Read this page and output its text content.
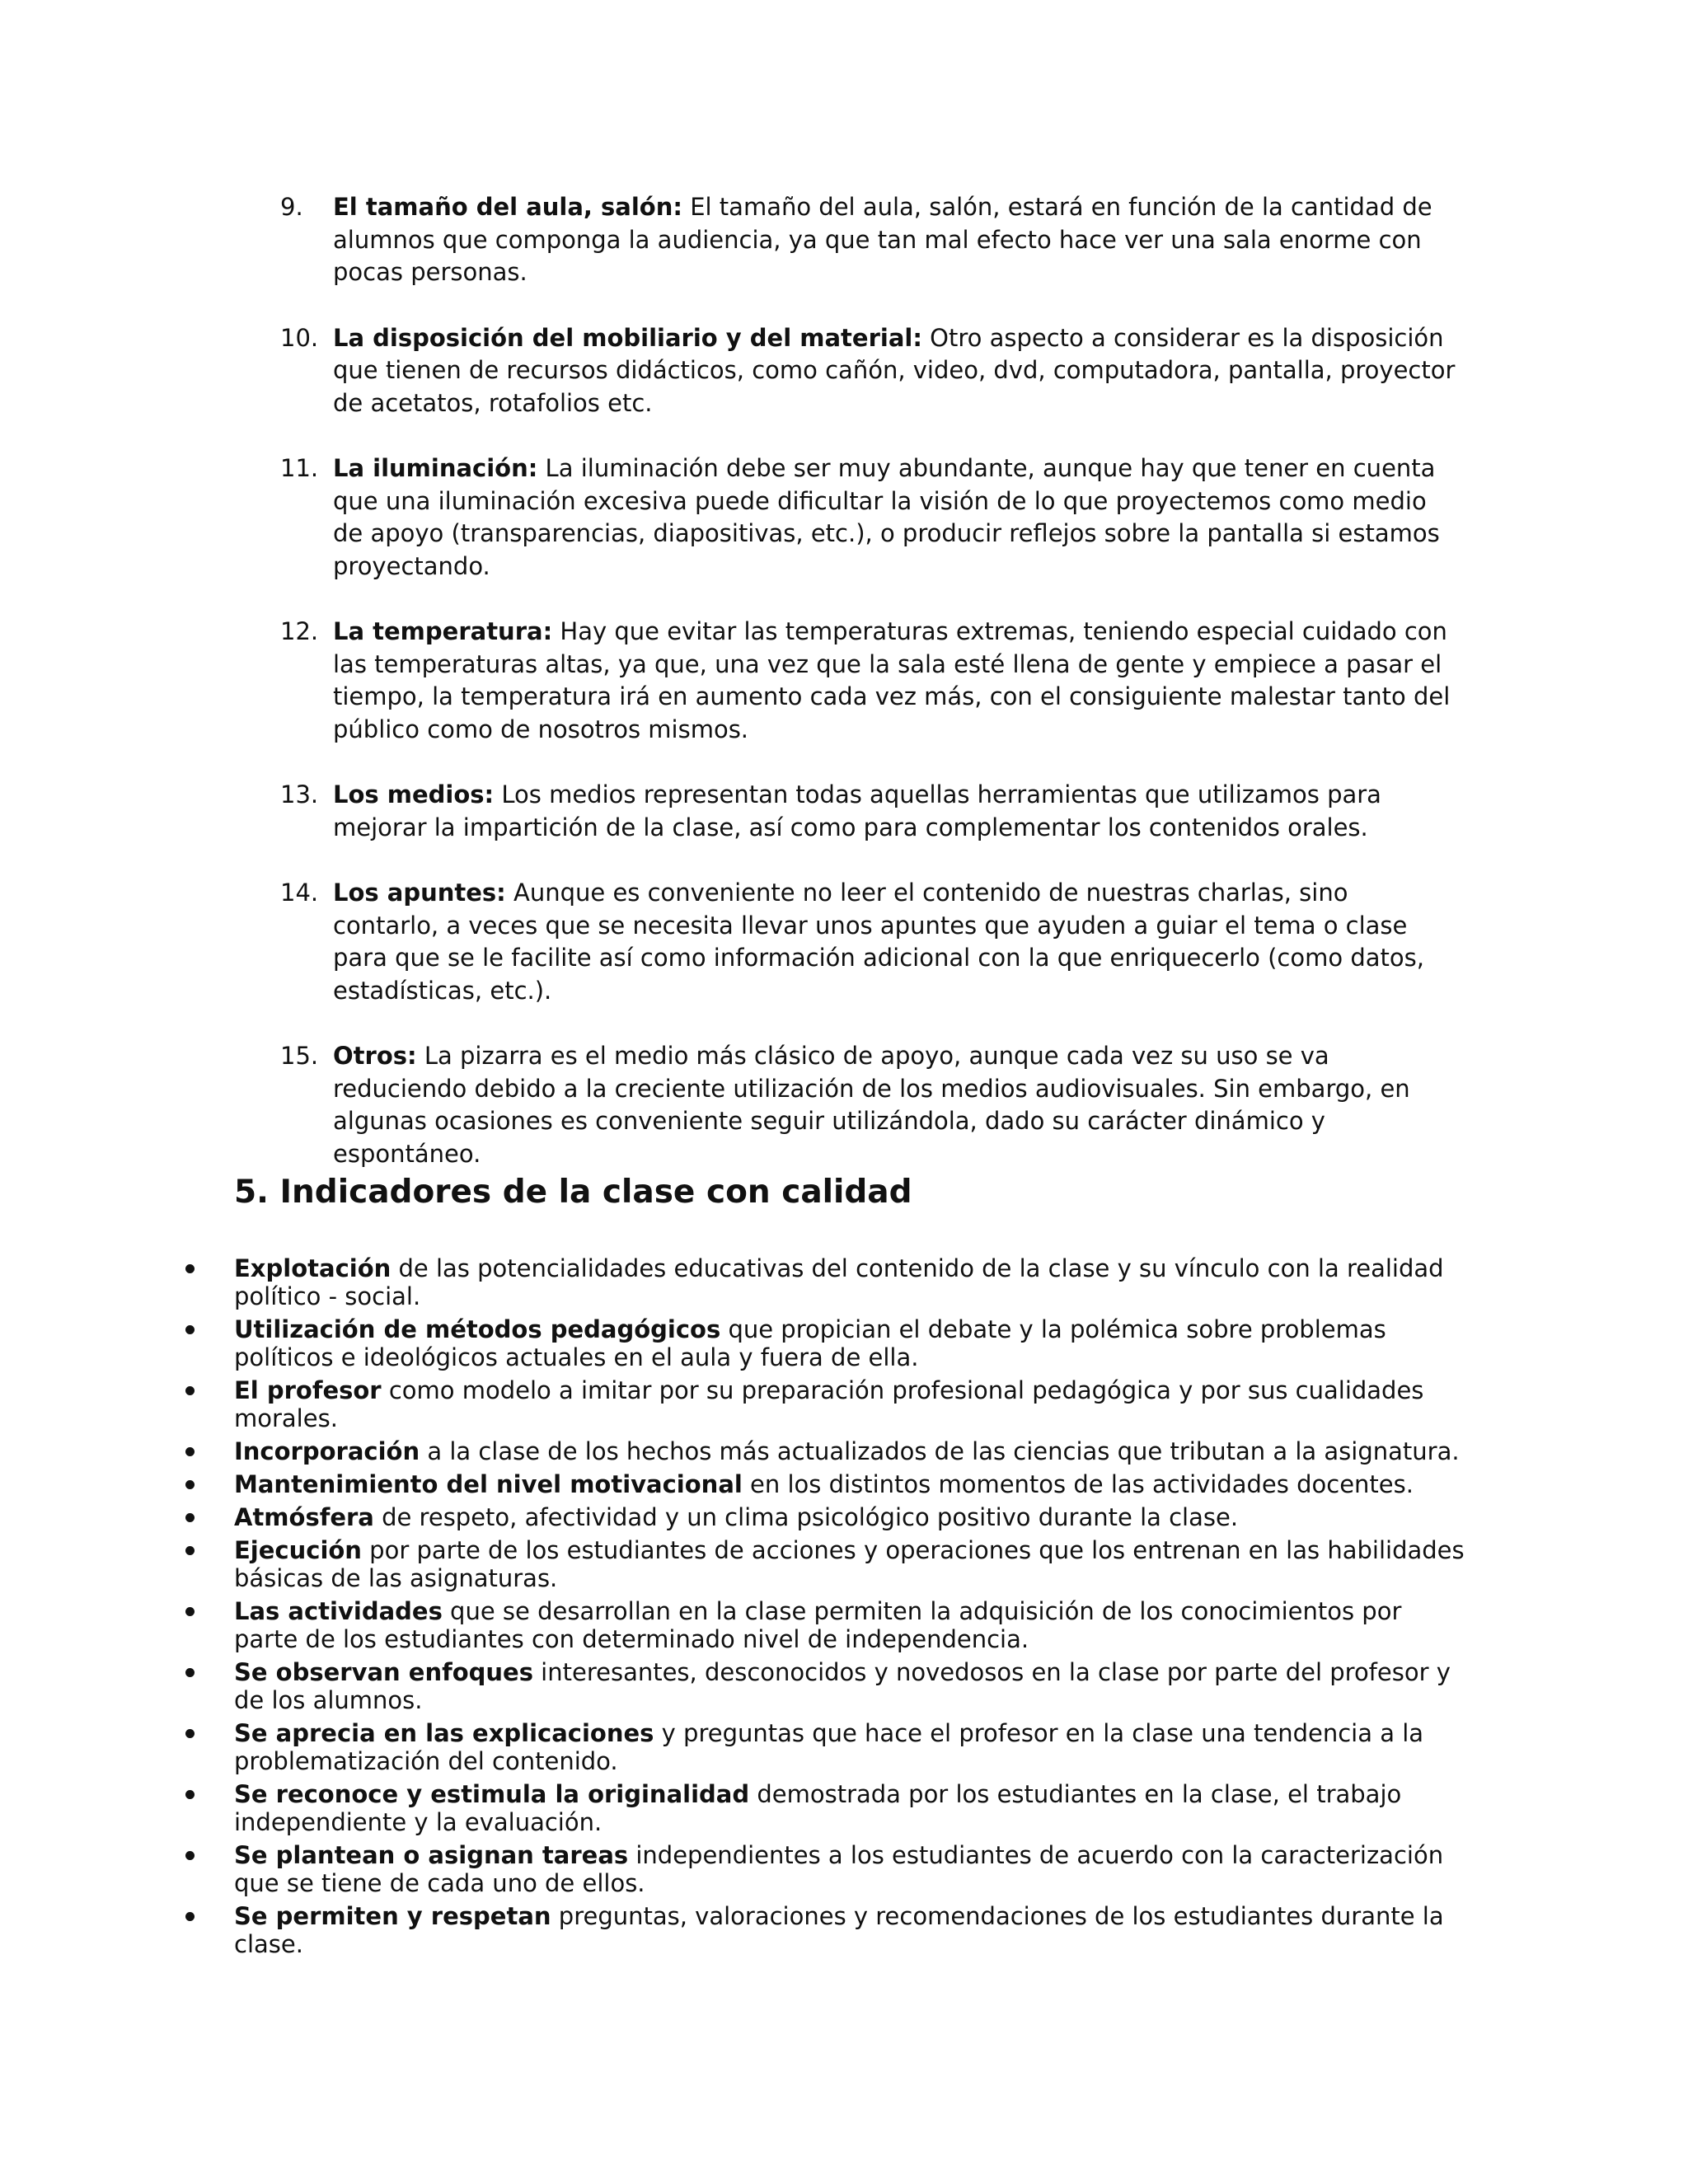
9. El tamaño del aula, salón: El tamaño del aula, salón, estará en función de la cantidad de alumnos que componga la audiencia, ya que tan mal efecto hace ver una sala enorme con pocas personas.
10. La disposición del mobiliario y del material: Otro aspecto a considerar es la disposición que tienen de recursos didácticos, como cañón, video, dvd, computadora, pantalla, proyector de acetatos, rotafolios etc.
11. La iluminación: La iluminación debe ser muy abundante, aunque hay que tener en cuenta que una iluminación excesiva puede dificultar la visión de lo que proyectemos como medio de apoyo (transparencias, diapositivas, etc.), o producir reflejos sobre la pantalla si estamos proyectando.
12. La temperatura: Hay que evitar las temperaturas extremas, teniendo especial cuidado con las temperaturas altas, ya que, una vez que la sala esté llena de gente y empiece a pasar el tiempo, la temperatura irá en aumento cada vez más, con el consiguiente malestar tanto del público como de nosotros mismos.
13. Los medios: Los medios representan todas aquellas herramientas que utilizamos para mejorar la impartición de la clase, así como para complementar los contenidos orales.
14. Los apuntes: Aunque es conveniente no leer el contenido de nuestras charlas, sino contarlo, a veces que se necesita llevar unos apuntes que ayuden a guiar el tema o clase para que se le facilite así como información adicional con la que enriquecerlo (como datos, estadísticas, etc.).
15. Otros: La pizarra es el medio más clásico de apoyo, aunque cada vez su uso se va reduciendo debido a la creciente utilización de los medios audiovisuales. Sin embargo, en algunas ocasiones es conveniente seguir utilizándola, dado su carácter dinámico y espontáneo.
5. Indicadores de la clase con calidad
Explotación de las potencialidades educativas del contenido de la clase y su vínculo con la realidad político - social.
Utilización de métodos pedagógicos que propician el debate y la polémica sobre problemas políticos e ideológicos actuales en el aula y fuera de ella.
El profesor como modelo a imitar por su preparación profesional pedagógica y por sus cualidades morales.
Incorporación a la clase de los hechos más actualizados de las ciencias que tributan a la asignatura.
Mantenimiento del nivel motivacional en los distintos momentos de las actividades docentes.
Atmósfera de respeto, afectividad y un clima psicológico positivo durante la clase.
Ejecución por parte de los estudiantes de acciones y operaciones que los entrenan en las habilidades básicas de las asignaturas.
Las actividades que se desarrollan en la clase permiten la adquisición de los conocimientos por parte de los estudiantes con determinado nivel de independencia.
Se observan enfoques interesantes, desconocidos y novedosos en la clase por parte del profesor y de los alumnos.
Se aprecia en las explicaciones y preguntas que hace el profesor en la clase una tendencia a la problematización del contenido.
Se reconoce y estimula la originalidad demostrada por los estudiantes en la clase, el trabajo independiente y la evaluación.
Se plantean o asignan tareas independientes a los estudiantes de acuerdo con la caracterización que se tiene de cada uno de ellos.
Se permiten y respetan preguntas, valoraciones y recomendaciones de los estudiantes durante la clase.
